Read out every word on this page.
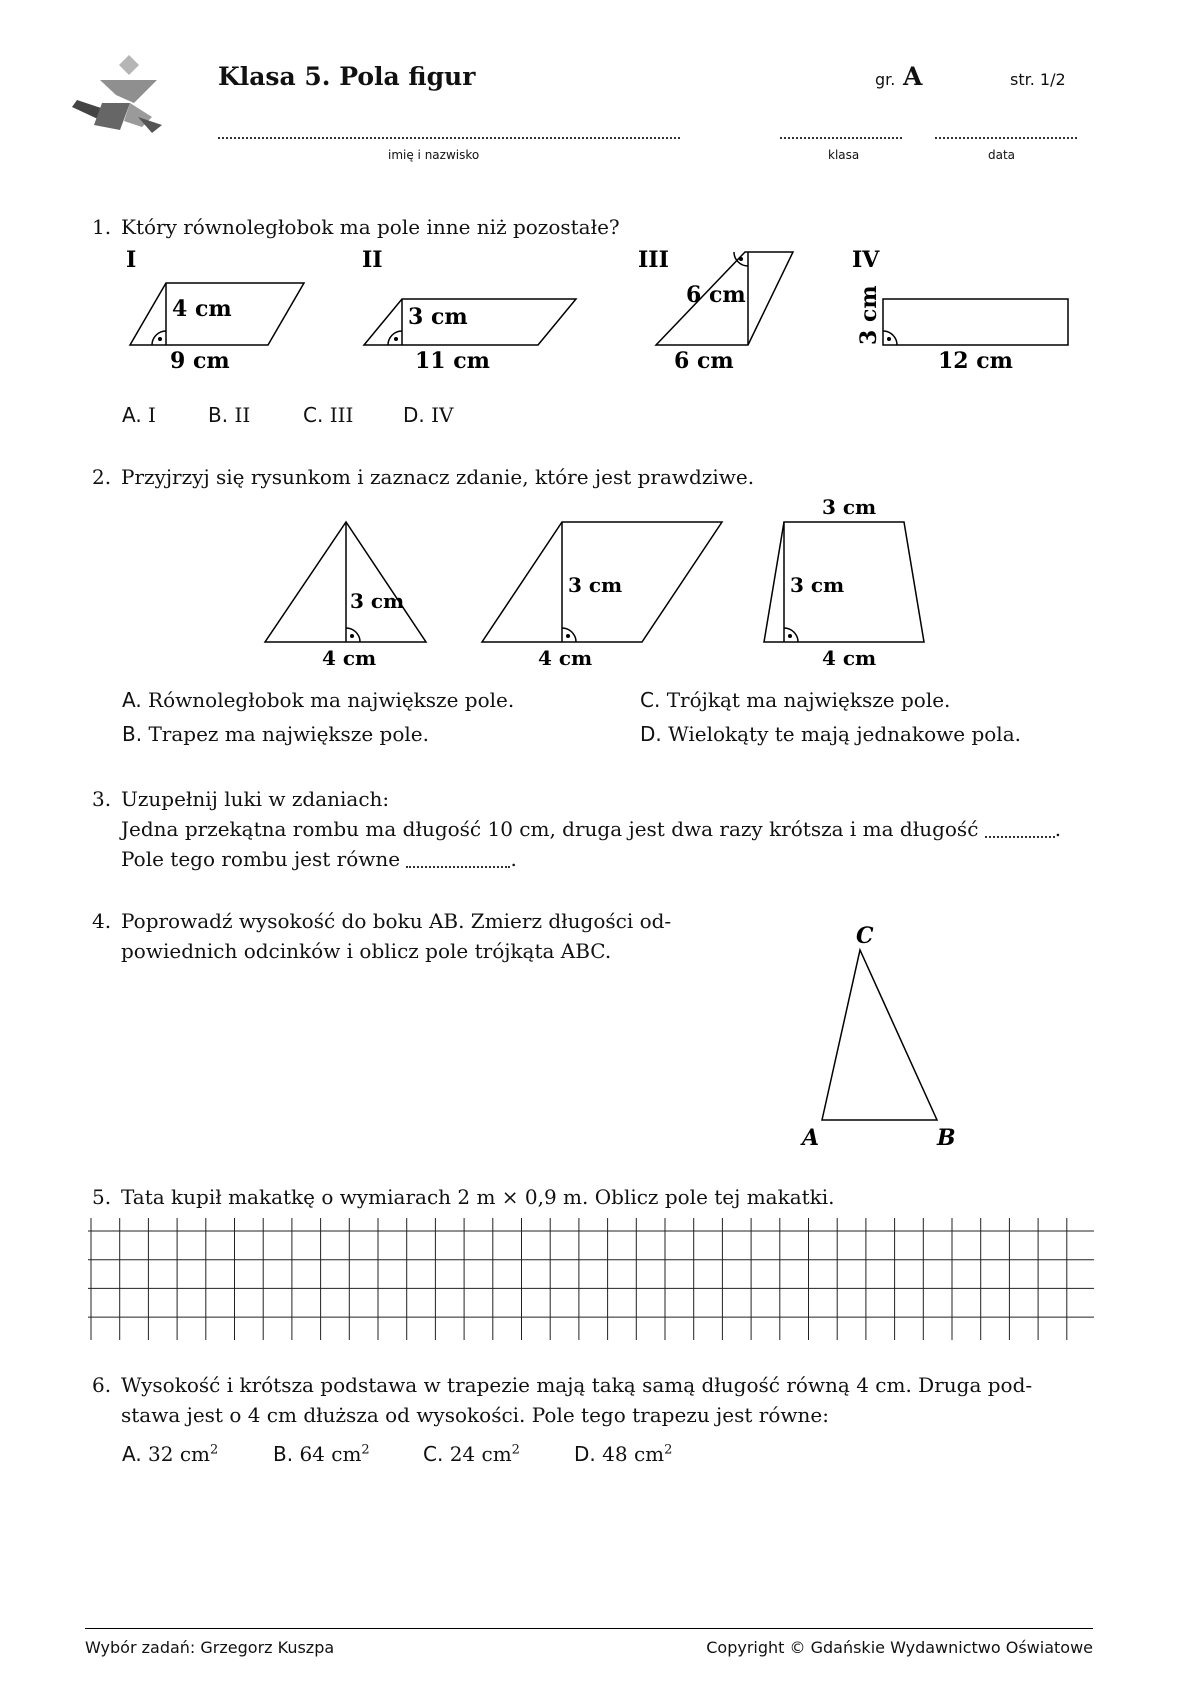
Klasa 5. Pola figur	gr. A	str. 1/2
imię i nazwisko	klasa	data
1. Który równoległobok ma pole inne niż pozostałe?
I	II	III	IV
4 cm
9 cm
3 cm
11 cm
6 cm
6 cm	12 cm
3 cm
A. I	B. II	C. III D. IV
2. Przyjrzyj się rysunkom i zaznacz zdanie, które jest prawdziwe.
3 cm
4 cm
3 cm
4 cm
3 cm
3 cm
4 cm
A. Równoległobok ma największe pole.	C. Trójkąt ma największe pole.
B. Trapez ma największe pole.	D. Wielokąty te mają jednakowe pola.
3. Uzupełnij luki w zdaniach:
Jedna przekątna rombu ma długość 10 cm, druga jest dwa razy krótsza i ma długość	.
Pole tego rombu jest równe	.
4. Poprowadź wysokość do boku AB. Zmierz długości od-
powiednich odcinków i oblicz pole trójkąta ABC.
C
A	B
5. Tata kupił makatkę o wymiarach 2 m × 0,9 m. Oblicz pole tej makatki.
6. Wysokość i krótsza podstawa w trapezie mają taką samą długość równą 4 cm. Druga pod-
stawa jest o 4 cm dłuższa od wysokości. Pole tego trapezu jest równe:
A. 32 $cm^2$	B. 64 $cm^2$	C. 24 $cm^2$	D. 48 $cm^2$
Wybór zadań: Grzegorz Kuszpa	Copyright © Gdańskie Wydawnictwo Oświatowe
